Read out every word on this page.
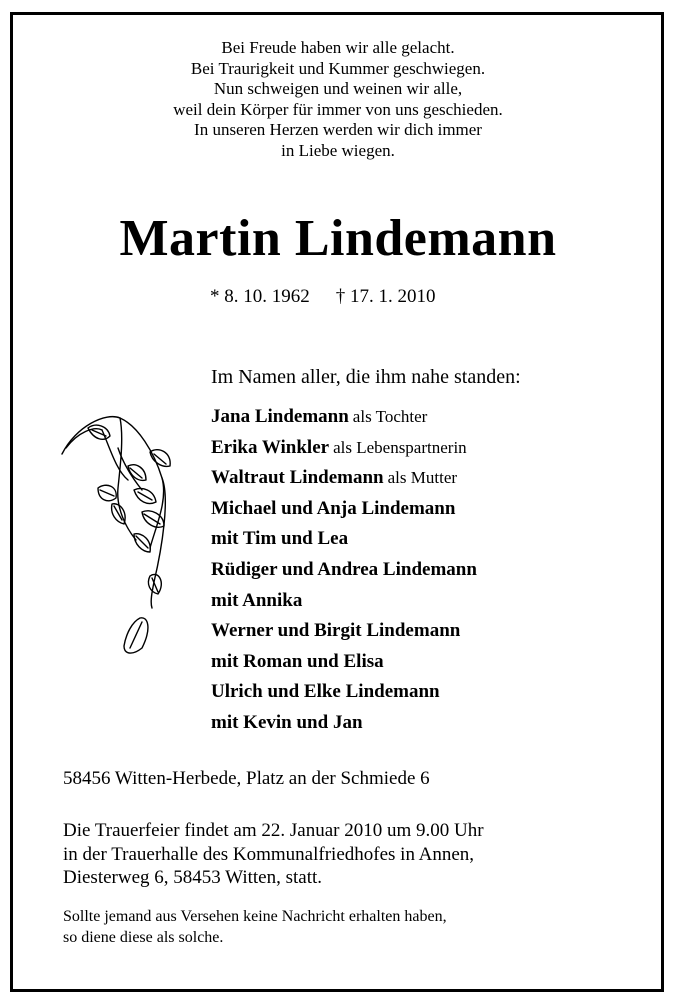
Bei Freude haben wir alle gelacht.
Bei Traurigkeit und Kummer geschwiegen.
Nun schweigen und weinen wir alle,
weil dein Körper für immer von uns geschieden.
In unseren Herzen werden wir dich immer
in Liebe wiegen.
Martin Lindemann
* 8. 10. 1962 † 17. 1. 2010
Im Namen aller, die ihm nahe standen:
Jana Lindemann als Tochter
Erika Winkler als Lebenspartnerin
Waltraut Lindemann als Mutter
Michael und Anja Lindemann
mit Tim und Lea
Rüdiger und Andrea Lindemann
mit Annika
Werner und Birgit Lindemann
mit Roman und Elisa
Ulrich und Elke Lindemann
mit Kevin und Jan
58456 Witten-Herbede, Platz an der Schmiede 6
Die Trauerfeier findet am 22. Januar 2010 um 9.00 Uhr
in der Trauerhalle des Kommunalfriedhofes in Annen,
Diesterweg 6, 58453 Witten, statt.
Sollte jemand aus Versehen keine Nachricht erhalten haben,
so diene diese als solche.
